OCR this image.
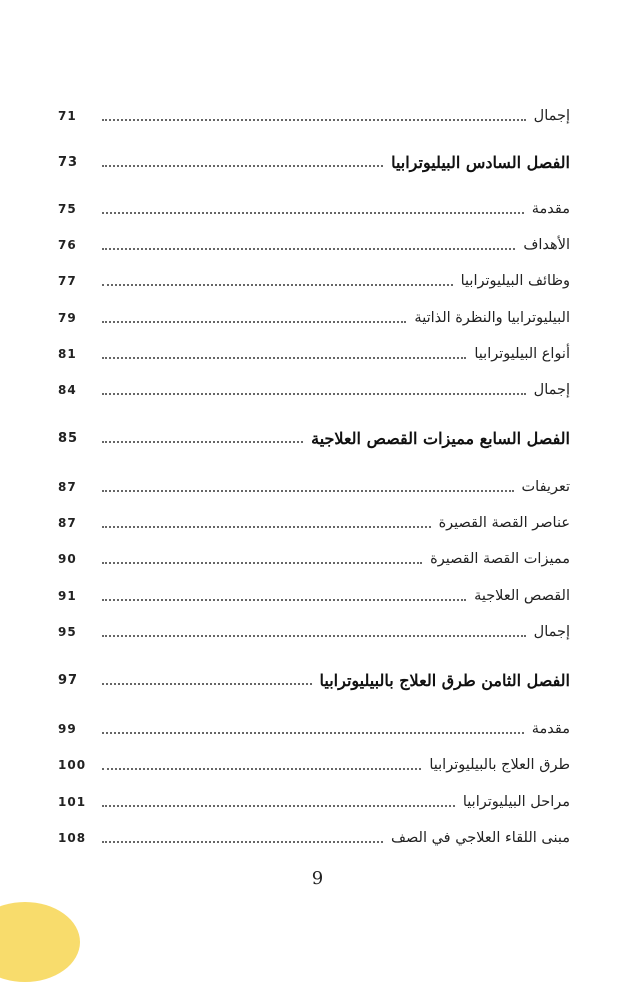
إجمال
71
الفصل السادس البيليوترابيا
73
مقدمة
75
الأهداف
76
وظائف البيليوترابيا
77
البيليوترابيا والنظرة الذاتية
79
أنواع البيليوترابيا
81
إجمال
84
الفصل السابع مميزات القصص العلاجية
85
تعريفات
87
عناصر القصة القصيرة
87
مميزات القصة القصيرة
90
القصص العلاجية
91
إجمال
95
الفصل الثامن طرق العلاج بالبيليوترابيا
97
مقدمة
99
طرق العلاج بالبيليوترابيا
100
مراحل البيليوترابيا
101
مبنى اللقاء العلاجي في الصف
108
9
